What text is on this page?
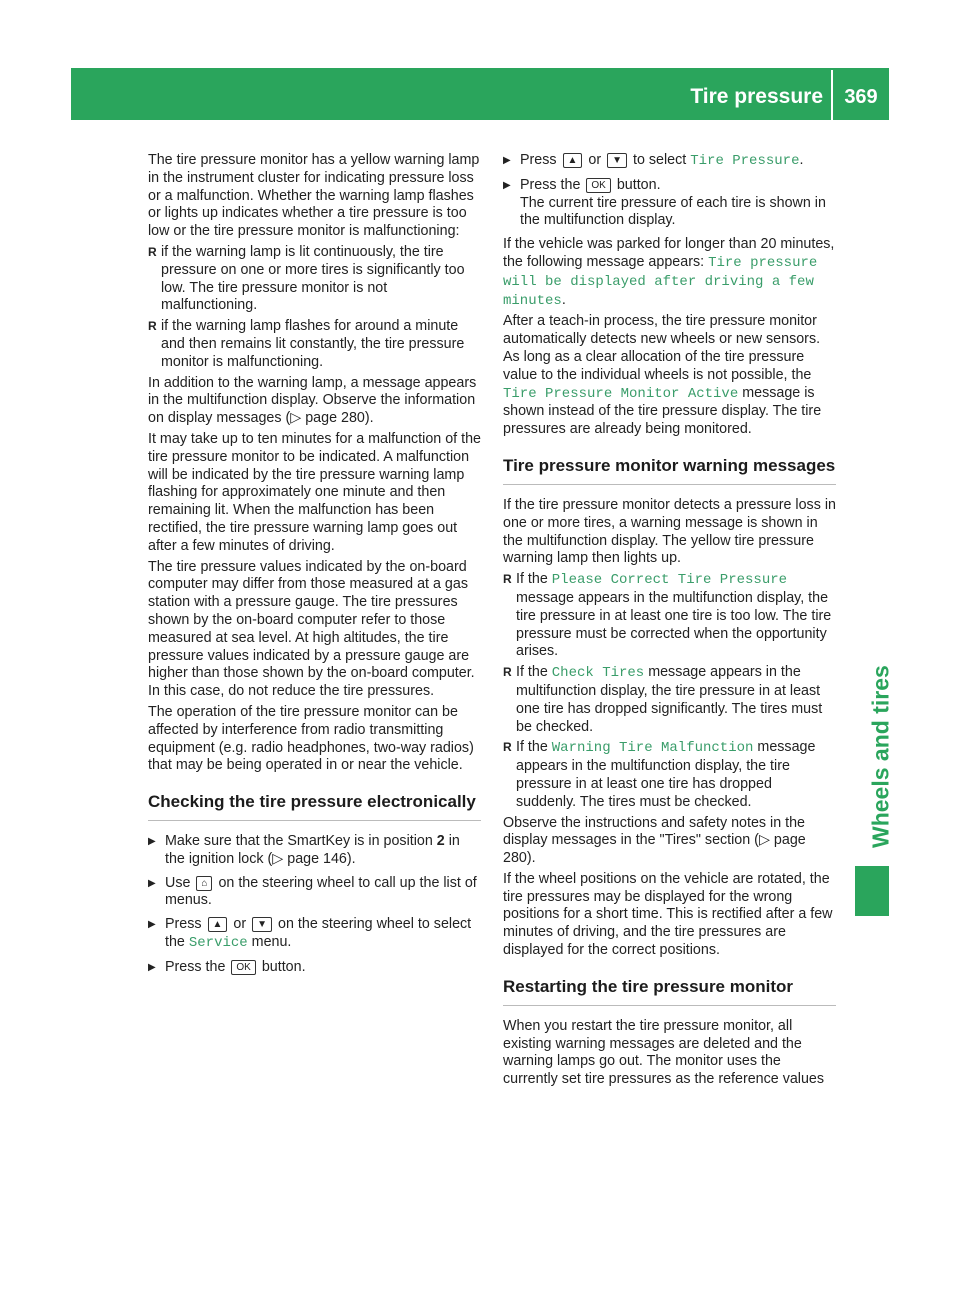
Tire pressure	369
Wheels and tires

The tire pressure monitor has a yellow warning lamp in the instrument cluster for indicating pressure loss or a malfunction. Whether the warning lamp flashes or lights up indicates whether a tire pressure is too low or the tire pressure monitor is malfunctioning:

R if the warning lamp is lit continuously, the tire pressure on one or more tires is significantly too low. The tire pressure monitor is not malfunctioning.
R if the warning lamp flashes for around a minute and then remains lit constantly, the tire pressure monitor is malfunctioning.

In addition to the warning lamp, a message appears in the multifunction display. Observe the information on display messages (▷ page 280).

It may take up to ten minutes for a malfunction of the tire pressure monitor to be indicated. A malfunction will be indicated by the tire pressure warning lamp flashing for approximately one minute and then remaining lit. When the malfunction has been rectified, the tire pressure warning lamp goes out after a few minutes of driving.

The tire pressure values indicated by the on-board computer may differ from those measured at a gas station with a pressure gauge. The tire pressures shown by the on-board computer refer to those measured at sea level. At high altitudes, the tire pressure values indicated by a pressure gauge are higher than those shown by the on-board computer. In this case, do not reduce the tire pressures.

The operation of the tire pressure monitor can be affected by interference from radio transmitting equipment (e.g. radio headphones, two-way radios) that may be being operated in or near the vehicle.

Checking the tire pressure electronically
▶ Make sure that the SmartKey is in position 2 in the ignition lock (▷ page 146).
▶ Use ⌂ on the steering wheel to call up the list of menus.
▶ Press ▲ or ▼ on the steering wheel to select the Service menu.
▶ Press the OK button.
▶ Press ▲ or ▼ to select Tire Pressure.
▶ Press the OK button.
The current tire pressure of each tire is shown in the multifunction display.

If the vehicle was parked for longer than 20 minutes, the following message appears: Tire pressure will be displayed after driving a few minutes.

After a teach-in process, the tire pressure monitor automatically detects new wheels or new sensors. As long as a clear allocation of the tire pressure value to the individual wheels is not possible, the Tire Pressure Monitor Active message is shown instead of the tire pressure display. The tire pressures are already being monitored.

Tire pressure monitor warning messages

If the tire pressure monitor detects a pressure loss in one or more tires, a warning message is shown in the multifunction display. The yellow tire pressure warning lamp then lights up.

R If the Please Correct Tire Pressure message appears in the multifunction display, the tire pressure in at least one tire is too low. The tire pressure must be corrected when the opportunity arises.
R If the Check Tires message appears in the multifunction display, the tire pressure in at least one tire has dropped significantly. The tires must be checked.
R If the Warning Tire Malfunction message appears in the multifunction display, the tire pressure in at least one tire has dropped suddenly. The tires must be checked.

Observe the instructions and safety notes in the display messages in the "Tires" section (▷ page 280).

If the wheel positions on the vehicle are rotated, the tire pressures may be displayed for the wrong positions for a short time. This is rectified after a few minutes of driving, and the tire pressures are displayed for the correct positions.

Restarting the tire pressure monitor

When you restart the tire pressure monitor, all existing warning messages are deleted and the warning lamps go out. The monitor uses the currently set tire pressures as the reference values
